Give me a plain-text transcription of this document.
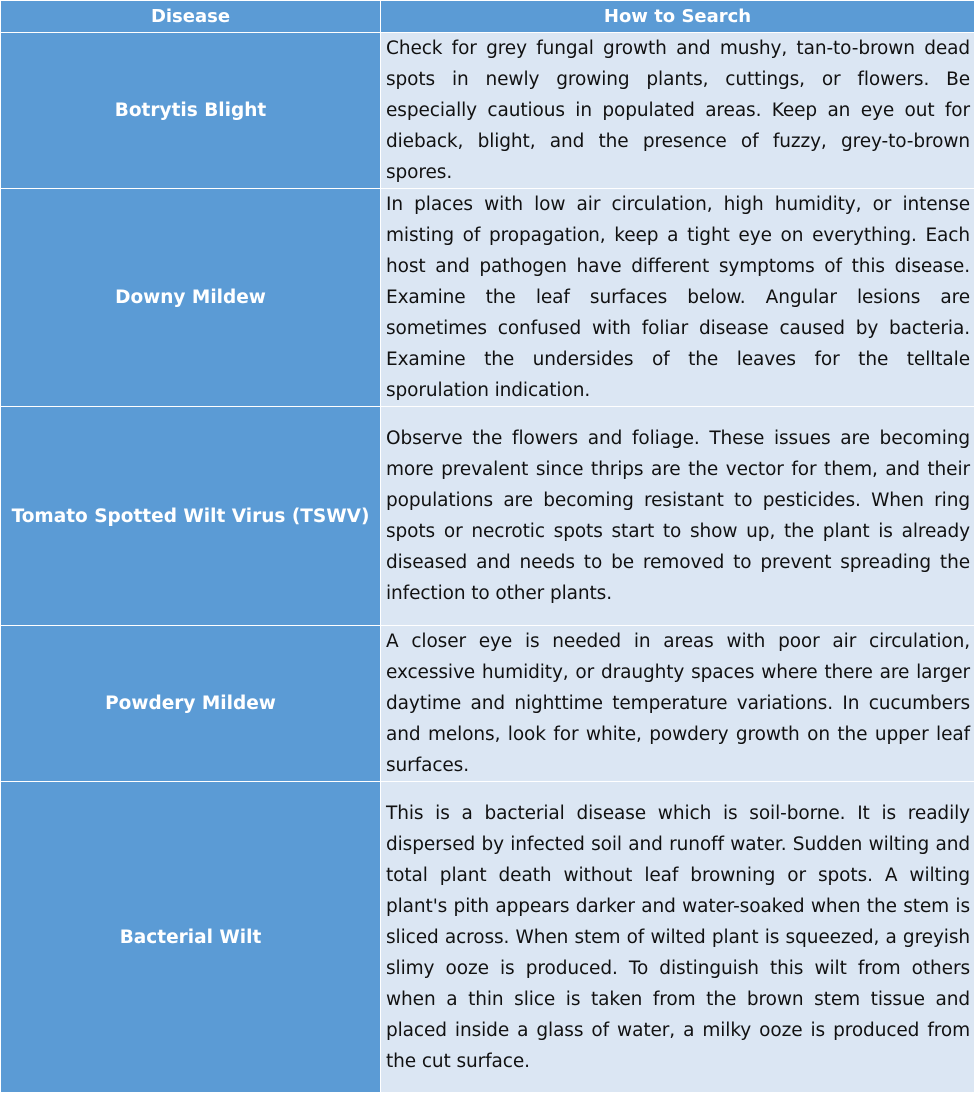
Disease	How to Search
Botrytis Blight	Check for grey fungal growth and mushy, tan-to-brown dead spots in newly growing plants, cuttings, or flowers. Be especially cautious in populated areas. Keep an eye out for dieback, blight, and the presence of fuzzy, grey-to-brown spores.
Downy Mildew	In places with low air circulation, high humidity, or intense misting of propagation, keep a tight eye on everything. Each host and pathogen have different symptoms of this disease. Examine the leaf surfaces below. Angular lesions are sometimes confused with foliar disease caused by bacteria. Examine the undersides of the leaves for the telltale sporulation indication.
Tomato Spotted Wilt Virus (TSWV)	Observe the flowers and foliage. These issues are becoming more prevalent since thrips are the vector for them, and their populations are becoming resistant to pesticides. When ring spots or necrotic spots start to show up, the plant is already diseased and needs to be removed to prevent spreading the infection to other plants.
Powdery Mildew	A closer eye is needed in areas with poor air circulation, excessive humidity, or draughty spaces where there are larger daytime and nighttime temperature variations. In cucumbers and melons, look for white, powdery growth on the upper leaf surfaces.
Bacterial Wilt	This is a bacterial disease which is soil-borne. It is readily dispersed by infected soil and runoff water. Sudden wilting and total plant death without leaf browning or spots. A wilting plant's pith appears darker and water-soaked when the stem is sliced across. When stem of wilted plant is squeezed, a greyish slimy ooze is produced. To distinguish this wilt from others when a thin slice is taken from the brown stem tissue and placed inside a glass of water, a milky ooze is produced from the cut surface.
